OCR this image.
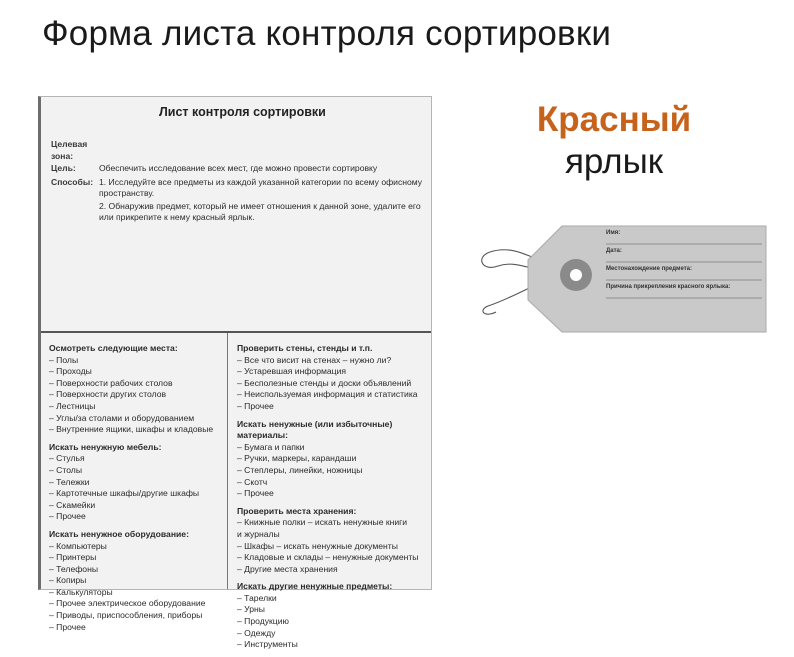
Форма листа контроля сортировки
Лист контроля сортировки
Целевая зона:
Цель:	Обеспечить исследование всех мест, где можно провести сортировку
Способы: 1. Исследуйте все предметы из каждой указанной категории по всему офисному пространству.
2. Обнаружив предмет, который не имеет отношения к данной зоне, удалите его или прикрепите к нему красный ярлык.
Осмотреть следующие места:
– Полы
– Проходы
– Поверхности рабочих столов
– Поверхности других столов
– Лестницы
– Углы/за столами и оборудованием
– Внутренние ящики, шкафы и кладовые
Искать ненужную мебель:
– Стулья
– Столы
– Тележки
– Картотечные шкафы/другие шкафы
– Скамейки
– Прочее
Искать ненужное оборудование:
– Компьютеры
– Принтеры
– Телефоны
– Копиры
– Калькуляторы
– Прочее электрическое оборудование
– Приводы, приспособления, приборы
– Прочее
Проверить стены, стенды и т.п.
– Все что висит на стенах – нужно ли?
– Устаревшая информация
– Бесполезные стенды и доски объявлений
– Неиспользуемая информация и статистика
– Прочее
Искать ненужные (или избыточные) материалы:
– Бумага и папки
– Ручки, маркеры, карандаши
– Степлеры, линейки, ножницы
– Скотч
– Прочее
Проверить места хранения:
– Книжные полки – искать ненужные книги
и журналы
– Шкафы – искать ненужные документы
– Кладовые и склады – ненужные документы
– Другие места хранения
Искать другие ненужные предметы:
– Тарелки
– Урны
– Продукцию
– Одежду
– Инструменты
Красный
ярлык
Имя:
Дата:
Местонахождение предмета:
Причина прикрепления красного ярлыка:
